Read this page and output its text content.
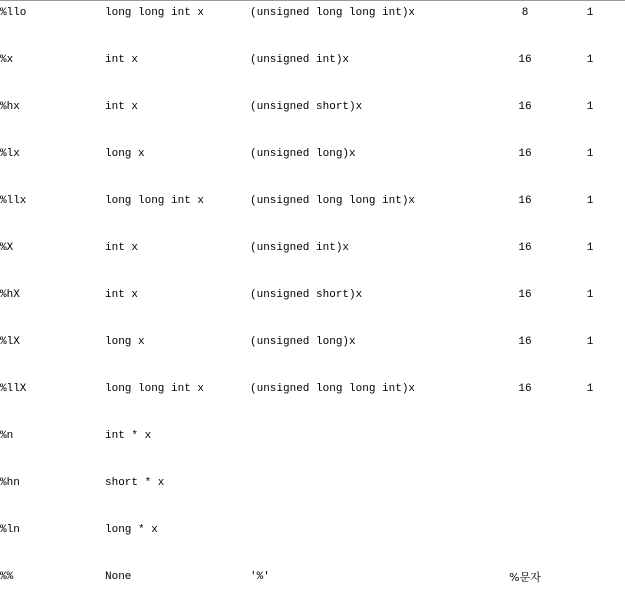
%llo	long long int x	(unsigned long long int)x	8	1

%x	int x	(unsigned int)x	16	1

%hx	int x	(unsigned short)x	16	1

%lx	long x	(unsigned long)x	16	1

%llx	long long int x	(unsigned long long int)x	16	1

%X	int x	(unsigned int)x	16	1

%hX	int x	(unsigned short)x	16	1

%lX	long x	(unsigned long)x	16	1

%llX	long long int x	(unsigned long long int)x	16	1

%n	int * x			

%hn	short * x			

%ln	long * x			

%%	None	'%'	%문자	
